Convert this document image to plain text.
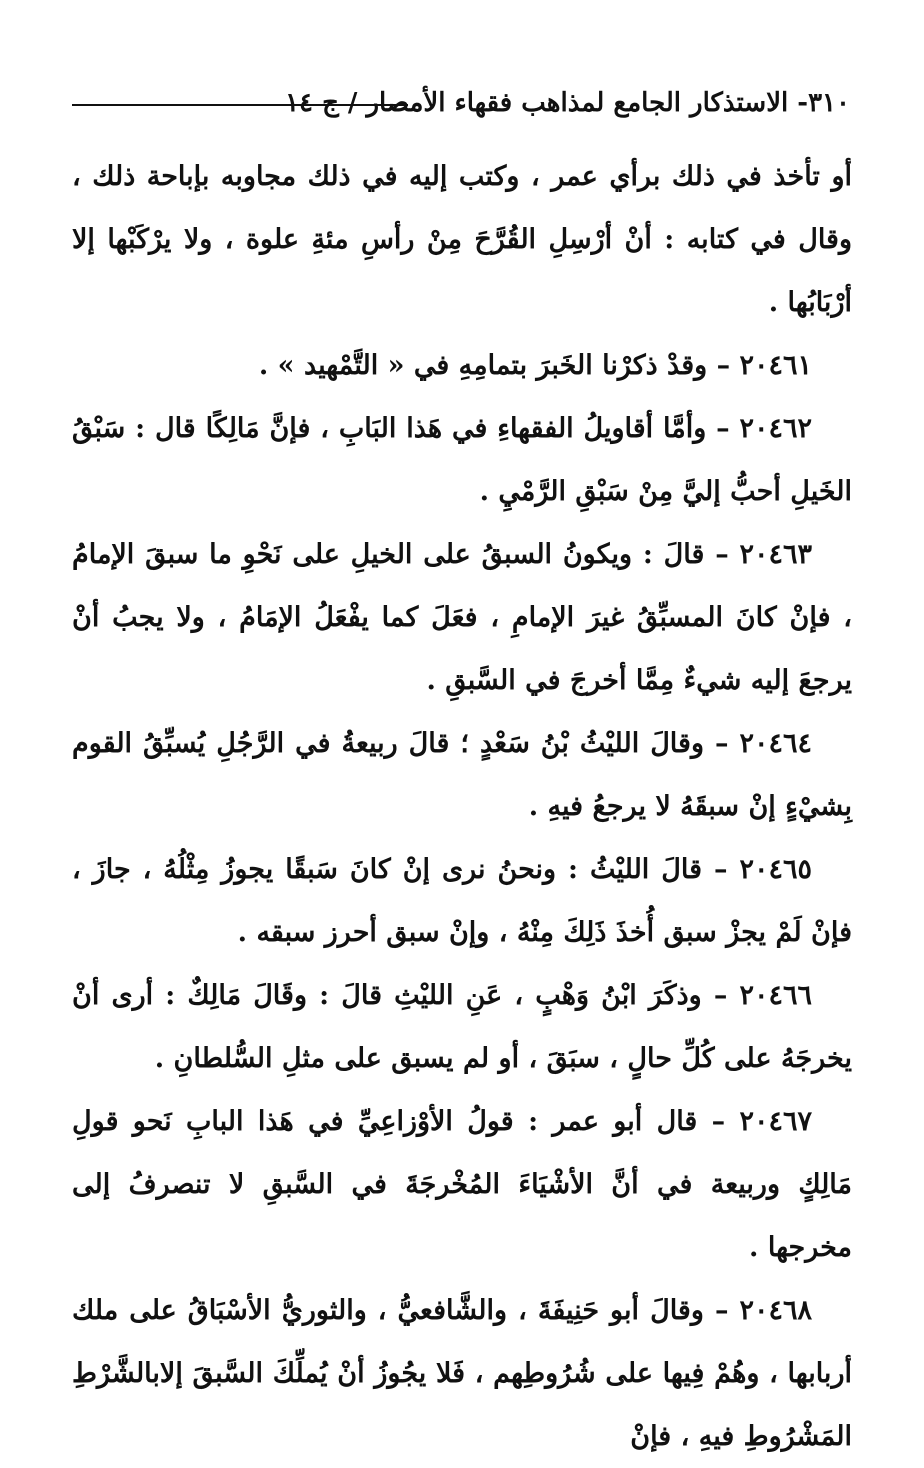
٣١٠- الاستذكار الجامع لمذاهب فقهاء الأمصار / ج ١٤

أو تأخذ في ذلك برأي عمر ، وكتب إليه في ذلك مجاوبه بإباحة ذلك ، وقال في كتابه : أنْ أرْسِلِ القُرَّحَ مِنْ رأسِ مئةِ علوة ، ولا يرْكَبْها إلا أرْبَابُها .

٢٠٤٦١ – وقدْ ذكرْنا الخَبرَ بتمامِهِ في « التَّمْهيد » .

٢٠٤٦٢ – وأمَّا أقاويلُ الفقهاءِ في هَذا البَابِ ، فإنَّ مَالِكًا قال : سَبْقُ الخَيلِ أحبُّ إليَّ مِنْ سَبْقِ الرَّمْيِ .

٢٠٤٦٣ – قالَ : ويكونُ السبقُ على الخيلِ على نَحْوِ ما سبقَ الإمامُ ، فإنْ كانَ المسبِّقُ غيرَ الإمامِ ، فعَلَ كما يفْعَلُ الإمَامُ ، ولا يجبُ أنْ يرجعَ إليه شيءٌ مِمَّا أخرجَ في السَّبقِ .

٢٠٤٦٤ – وقالَ الليْثُ بْنُ سَعْدٍ ؛ قالَ ربيعةُ في الرَّجُلِ يُسبِّقُ القوم بِشيْءٍ إنْ سبقَهُ لا يرجعُ فيهِ .

٢٠٤٦٥ – قالَ الليْثُ : ونحنُ نرى إنْ كانَ سَبقًا يجوزُ مِثْلُهُ ، جازَ ، فإنْ لَمْ يجزْ سبق أُخذَ ذَلِكَ مِنْهُ ، وإنْ سبق أحرز سبقه .

٢٠٤٦٦ – وذكَرَ ابْنُ وَهْبٍ ، عَنِ الليْثِ قالَ : وقَالَ مَالِكٌ : أرى أنْ يخرجَهُ على كُلِّ حالٍ ، سبَقَ ، أو لم يسبق على مثلِ السُّلطانِ .

٢٠٤٦٧ – قال أبو عمر : قولُ الأوْزاعِيِّ في هَذا البابِ نَحو قولِ مَالِكٍ وربيعة في أنَّ الأشْيَاءَ المُخْرجَةَ في السَّبقِ لا تنصرفُ إلى مخرجها .

٢٠٤٦٨ – وقالَ أبو حَنِيفَةَ ، والشَّافعيُّ ، والثوريُّ الأسْبَاقُ على ملك أربابها ، وهُمْ فِيها على شُرُوطِهم ، فَلا يجُوزُ أنْ يُملِّكَ السَّبقَ إلابالشَّرْطِ المَشْرُوطِ فيهِ ، فإنْ
